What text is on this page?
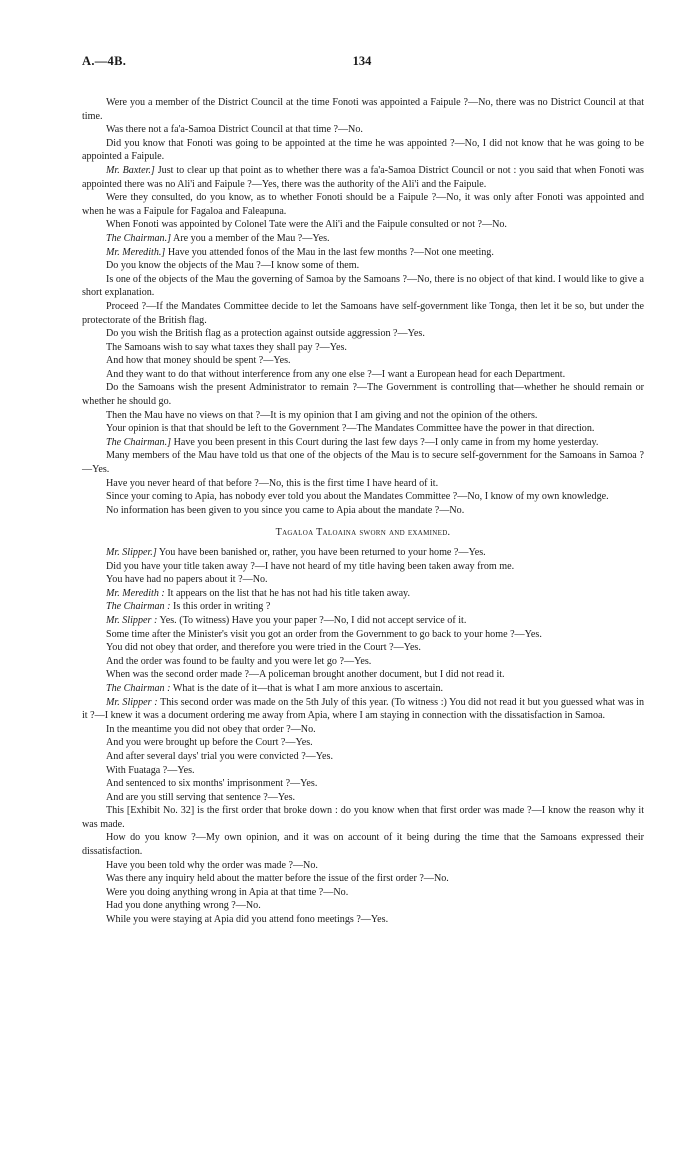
A.—4B.	134

Were you a member of the District Council at the time Fonoti was appointed a Faipule ?—No, there was no District Council at that time.

Was there not a fa'a-Samoa District Council at that time ?—No.

Did you know that Fonoti was going to be appointed at the time he was appointed ?—No, I did not know that he was going to be appointed a Faipule.

Mr. Baxter.] Just to clear up that point as to whether there was a fa'a-Samoa District Council or not : you said that when Fonoti was appointed there was no Ali'i and Faipule ?—Yes, there was the authority of the Ali'i and the Faipule.

Were they consulted, do you know, as to whether Fonoti should be a Faipule ?—No, it was only after Fonoti was appointed and when he was a Faipule for Fagaloa and Faleapuna.

When Fonoti was appointed by Colonel Tate were the Ali'i and the Faipule consulted or not ?—No.

The Chairman.] Are you a member of the Mau ?—Yes.

Mr. Meredith.] Have you attended fonos of the Mau in the last few months ?—Not one meeting.

Do you know the objects of the Mau ?—I know some of them.

Is one of the objects of the Mau the governing of Samoa by the Samoans ?—No, there is no object of that kind. I would like to give a short explanation.

Proceed ?—If the Mandates Committee decide to let the Samoans have self-government like Tonga, then let it be so, but under the protectorate of the British flag.

Do you wish the British flag as a protection against outside aggression ?—Yes.

The Samoans wish to say what taxes they shall pay ?—Yes.

And how that money should be spent ?—Yes.

And they want to do that without interference from any one else ?—I want a European head for each Department.

Do the Samoans wish the present Administrator to remain ?—The Government is controlling that—whether he should remain or whether he should go.

Then the Mau have no views on that ?—It is my opinion that I am giving and not the opinion of the others.

Your opinion is that that should be left to the Government ?—The Mandates Committee have the power in that direction.

The Chairman.] Have you been present in this Court during the last few days ?—I only came in from my home yesterday.

Many members of the Mau have told us that one of the objects of the Mau is to secure self-government for the Samoans in Samoa ?—Yes.

Have you never heard of that before ?—No, this is the first time I have heard of it.

Since your coming to Apia, has nobody ever told you about the Mandates Committee ?—No, I know of my own knowledge.

No information has been given to you since you came to Apia about the mandate ?—No.

Tagaloa Taloaina sworn and examined.

Mr. Slipper.] You have been banished or, rather, you have been returned to your home ?—Yes.

Did you have your title taken away ?—I have not heard of my title having been taken away from me.

You have had no papers about it ?—No.

Mr. Meredith : It appears on the list that he has not had his title taken away.

The Chairman : Is this order in writing ?

Mr. Slipper : Yes. (To witness) Have you your paper ?—No, I did not accept service of it.

Some time after the Minister's visit you got an order from the Government to go back to your home ?—Yes.

You did not obey that order, and therefore you were tried in the Court ?—Yes.

And the order was found to be faulty and you were let go ?—Yes.

When was the second order made ?—A policeman brought another document, but I did not read it.

The Chairman : What is the date of it—that is what I am more anxious to ascertain.

Mr. Slipper : This second order was made on the 5th July of this year. (To witness :) You did not read it but you guessed what was in it ?—I knew it was a document ordering me away from Apia, where I am staying in connection with the dissatisfaction in Samoa.

In the meantime you did not obey that order ?—No.

And you were brought up before the Court ?—Yes.

And after several days' trial you were convicted ?—Yes.

With Fuataga ?—Yes.

And sentenced to six months' imprisonment ?—Yes.

And are you still serving that sentence ?—Yes.

This [Exhibit No. 32] is the first order that broke down : do you know when that first order was made ?—I know the reason why it was made.

How do you know ?—My own opinion, and it was on account of it being during the time that the Samoans expressed their dissatisfaction.

Have you been told why the order was made ?—No.

Was there any inquiry held about the matter before the issue of the first order ?—No.

Were you doing anything wrong in Apia at that time ?—No.

Had you done anything wrong ?—No.

While you were staying at Apia did you attend fono meetings ?—Yes.
